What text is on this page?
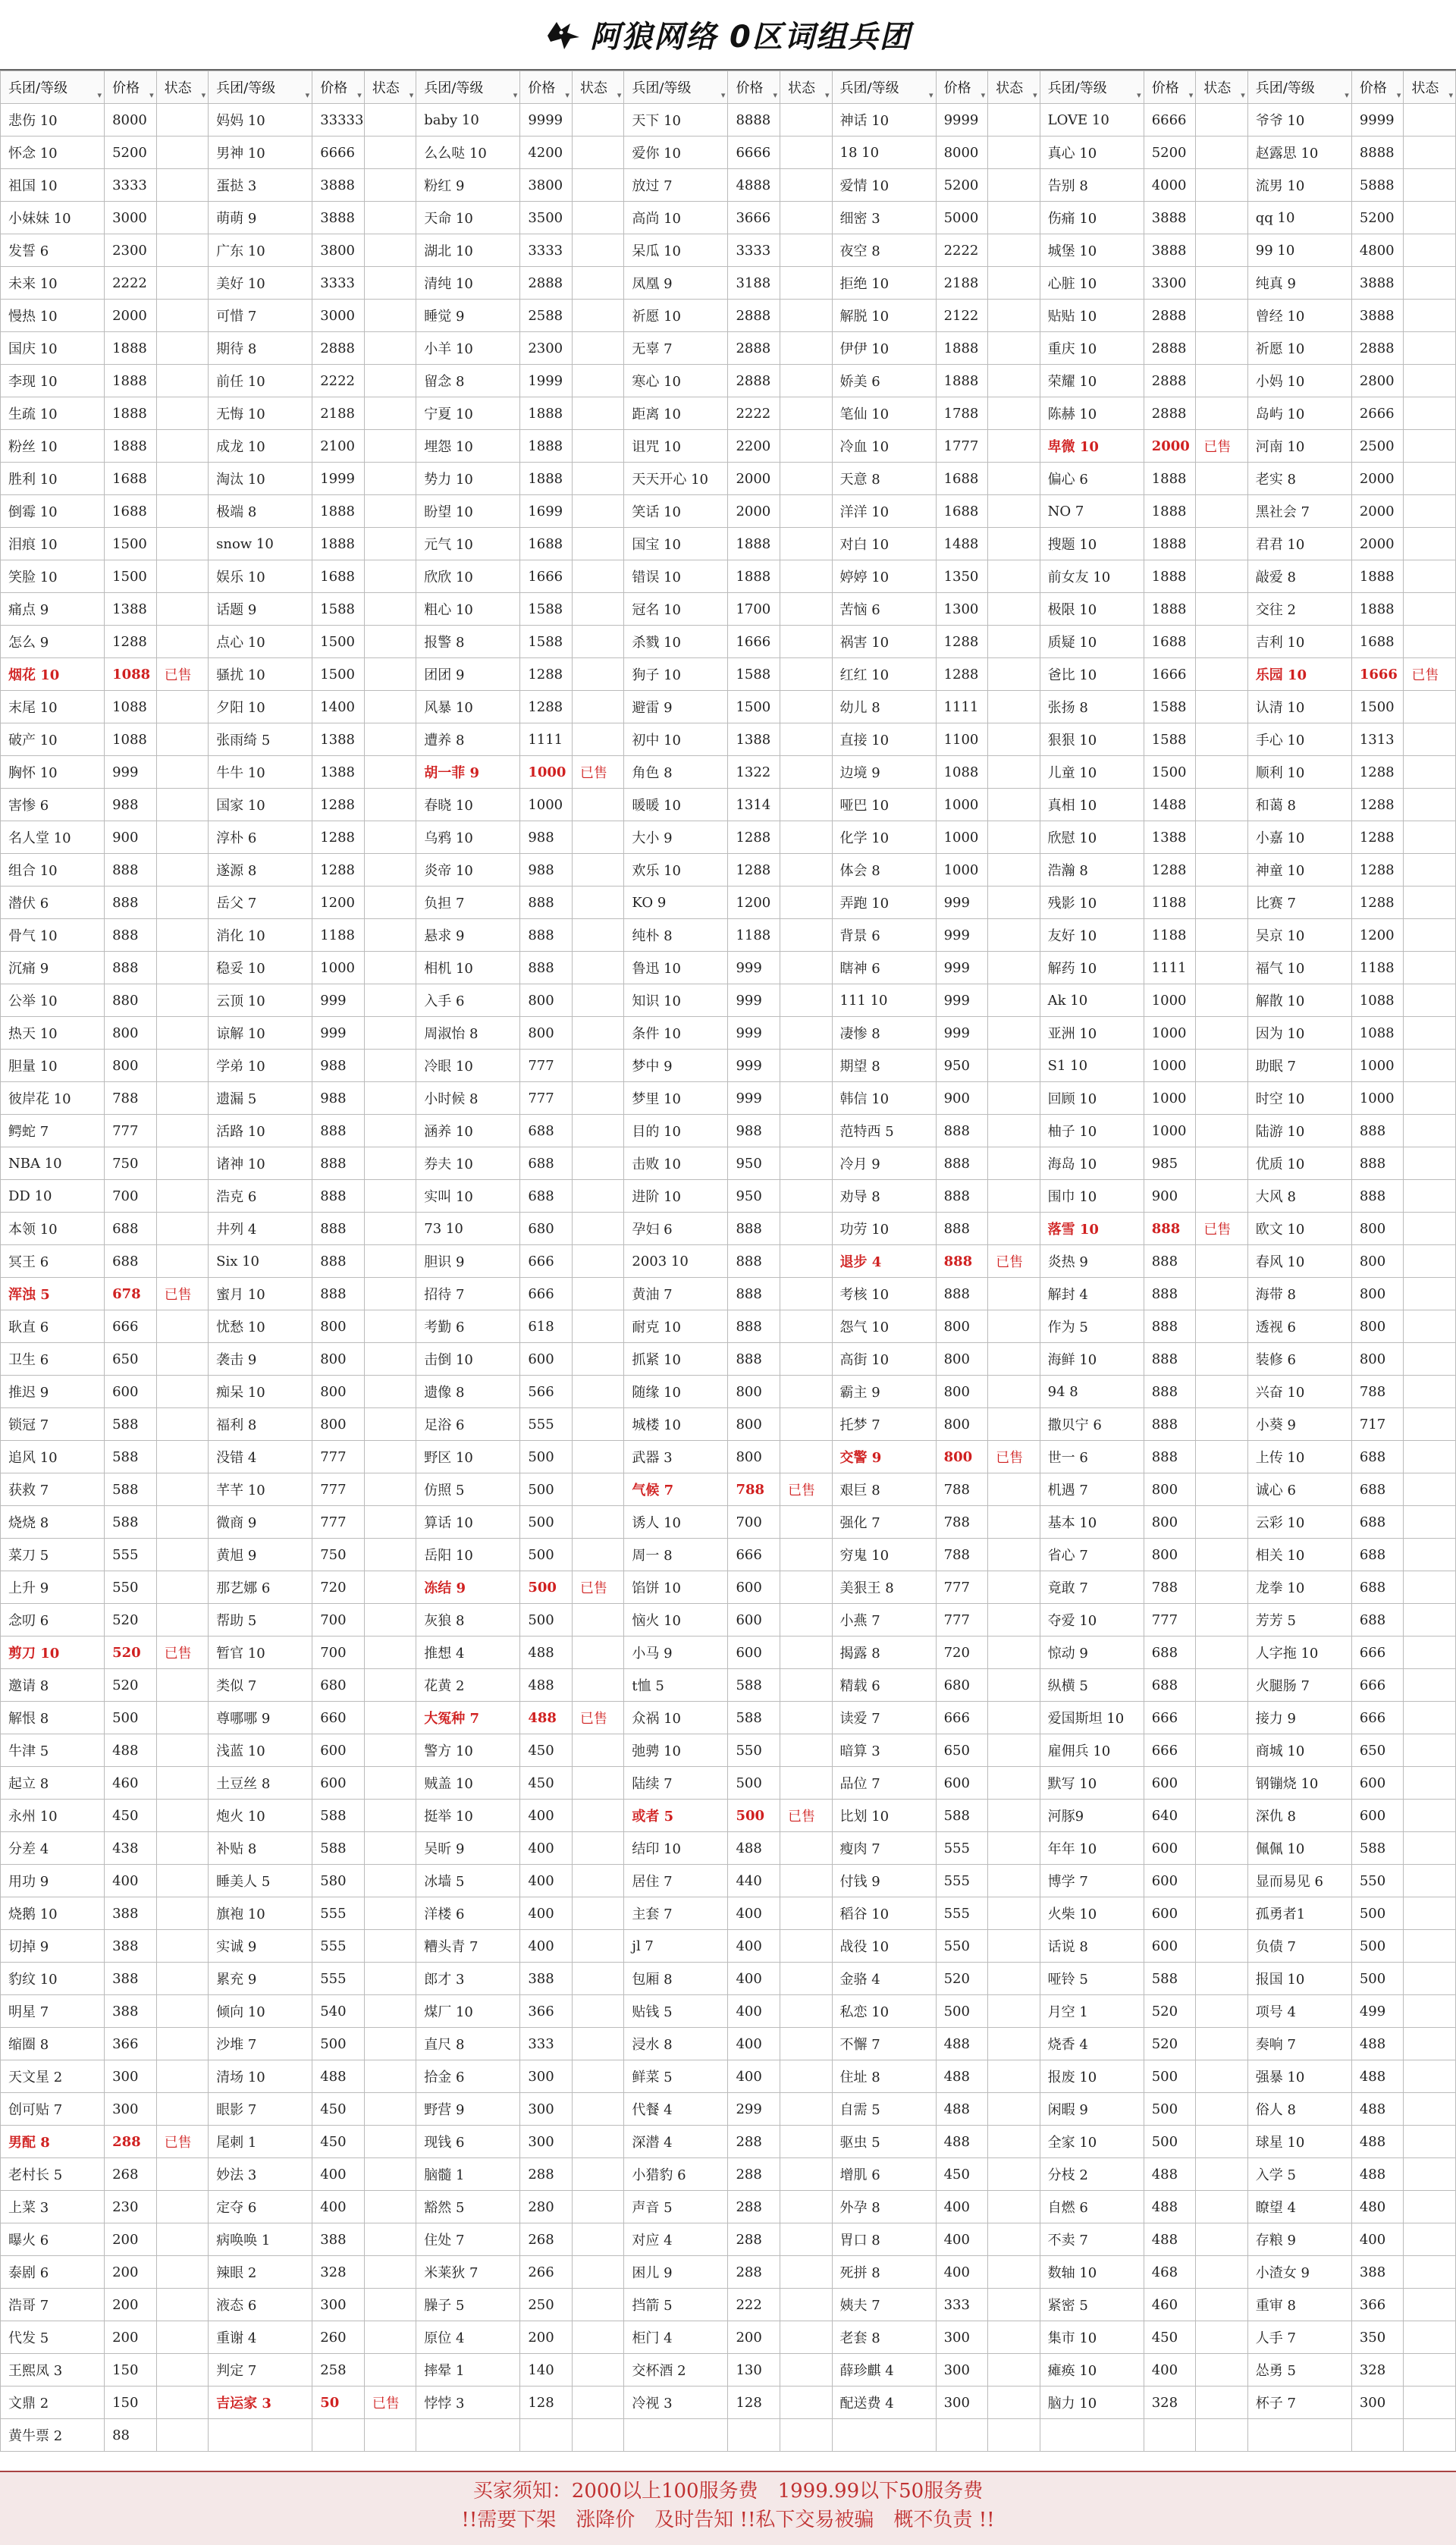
阿狼网络 0区词组兵团
兵团/等级 ▾	价格 ▾	状态 ▾	兵团/等级 ▾	价格 ▾	状态 ▾	兵团/等级 ▾	价格 ▾	状态 ▾	兵团/等级 ▾	价格 ▾	状态 ▾	兵团/等级 ▾	价格 ▾	状态 ▾	兵团/等级 ▾	价格 ▾	状态 ▾	兵团/等级 ▾	价格 ▾	状态 ▾

悲伤 10	8000		妈妈 10	33333		baby 10	9999		天下 10	8888		神话 10	9999		LOVE 10	6666		爷爷 10	9999	
怀念 10	5200		男神 10	6666		么么哒 10	4200		爱你 10	6666		18 10	8000		真心 10	5200		赵露思 10	8888	
祖国 10	3333		蛋挞 3	3888		粉红 9	3800		放过 7	4888		爱情 10	5200		告别 8	4000		流男 10	5888	
小妹妹 10	3000		萌萌 9	3888		天命 10	3500		高尚 10	3666		细密 3	5000		伤痛 10	3888		qq 10	5200	
发誓 6	2300		广东 10	3800		湖北 10	3333		呆瓜 10	3333		夜空 8	2222		城堡 10	3888		99 10	4800	
未来 10	2222		美好 10	3333		清纯 10	2888		凤凰 9	3188		拒绝 10	2188		心脏 10	3300		纯真 9	3888	
慢热 10	2000		可惜 7	3000		睡觉 9	2588		祈愿 10	2888		解脱 10	2122		贴贴 10	2888		曾经 10	3888	
国庆 10	1888		期待 8	2888		小羊 10	2300		无辜 7	2888		伊伊 10	1888		重庆 10	2888		祈愿 10	2888	
李现 10	1888		前任 10	2222		留念 8	1999		寒心 10	2888		娇美 6	1888		荣耀 10	2888		小妈 10	2800	
生疏 10	1888		无悔 10	2188		宁夏 10	1888		距离 10	2222		笔仙 10	1788		陈赫 10	2888		岛屿 10	2666	
粉丝 10	1888		成龙 10	2100		埋怨 10	1888		诅咒 10	2200		冷血 10	1777		卑微 10	2000	已售	河南 10	2500	
胜利 10	1688		淘汰 10	1999		势力 10	1888		天天开心 10	2000		天意 8	1688		偏心 6	1888		老实 8	2000	
倒霉 10	1688		极端 8	1888		盼望 10	1699		笑话 10	2000		洋洋 10	1688		NO 7	1888		黑社会 7	2000	
泪痕 10	1500		snow 10	1888		元气 10	1688		国宝 10	1888		对白 10	1488		搜题 10	1888		君君 10	2000	
笑脸 10	1500		娱乐 10	1688		欣欣 10	1666		错误 10	1888		婷婷 10	1350		前女友 10	1888		敲爱 8	1888	
痛点 9	1388		话题 9	1588		粗心 10	1588		冠名 10	1700		苦恼 6	1300		极限 10	1888		交往 2	1888	
怎么 9	1288		点心 10	1500		报警 8	1588		杀戮 10	1666		祸害 10	1288		质疑 10	1688		吉利 10	1688	
烟花 10	1088	已售	骚扰 10	1500		团团 9	1288		狗子 10	1588		红红 10	1288		爸比 10	1666		乐园 10	1666	已售
末尾 10	1088		夕阳 10	1400		风暴 10	1288		避雷 9	1500		幼儿 8	1111		张扬 8	1588		认清 10	1500	
破产 10	1088		张雨绮 5	1388		遭养 8	1111		初中 10	1388		直接 10	1100		狠狠 10	1588		手心 10	1313	
胸怀 10	999		牛牛 10	1388		胡一菲 9	1000	已售	角色 8	1322		边境 9	1088		儿童 10	1500		顺利 10	1288	
害惨 6	988		国家 10	1288		春晓 10	1000		暖暖 10	1314		哑巴 10	1000		真相 10	1488		和蔼 8	1288	
名人堂 10	900		淳朴 6	1288		乌鸦 10	988		大小 9	1288		化学 10	1000		欣慰 10	1388		小嘉 10	1288	
组合 10	888		遂源 8	1288		炎帝 10	988		欢乐 10	1288		体会 8	1000		浩瀚 8	1288		神童 10	1288	
潜伏 6	888		岳父 7	1200		负担 7	888		KO 9	1200		弄跑 10	999		残影 10	1188		比赛 7	1288	
骨气 10	888		消化 10	1188		悬求 9	888		纯朴 8	1188		背景 6	999		友好 10	1188		吴京 10	1200	
沉痛 9	888		稳妥 10	1000		相机 10	888		鲁迅 10	999		瞎神 6	999		解药 10	1111		福气 10	1188	
公举 10	880		云顶 10	999		入手 6	800		知识 10	999		111 10	999		Ak 10	1000		解散 10	1088	
热天 10	800		谅解 10	999		周淑怡 8	800		条件 10	999		凄惨 8	999		亚洲 10	1000		因为 10	1088	
胆量 10	800		学弟 10	988		冷眼 10	777		梦中 9	999		期望 8	950		S1 10	1000		助眠 7	1000	
彼岸花 10	788		遗漏 5	988		小时候 8	777		梦里 10	999		韩信 10	900		回顾 10	1000		时空 10	1000	
鳄蛇 7	777		活路 10	888		涵养 10	688		目的 10	988		范特西 5	888		柚子 10	1000		陆游 10	888	
NBA 10	750		诸神 10	888		券夫 10	688		击败 10	950		冷月 9	888		海岛 10	985		优质 10	888	
DD 10	700		浩克 6	888		实叫 10	688		进阶 10	950		劝导 8	888		围巾 10	900		大风 8	888	
本领 10	688		井列 4	888		73 10	680		孕妇 6	888		功劳 10	888		落雪 10	888	已售	欧文 10	800	
冥王 6	688		Six 10	888		胆识 9	666		2003 10	888		退步 4	888	已售	炎热 9	888		春风 10	800	
浑浊 5	678	已售	蜜月 10	888		招待 7	666		黄油 7	888		考核 10	888		解封 4	888		海带 8	800	
耿直 6	666		忧愁 10	800		考勤 6	618		耐克 10	888		怨气 10	800		作为 5	888		透视 6	800	
卫生 6	650		袭击 9	800		击倒 10	600		抓紧 10	888		高街 10	800		海鲜 10	888		装修 6	800	
推迟 9	600		痴呆 10	800		遗像 8	566		随缘 10	800		霸主 9	800		94 8	888		兴奋 10	788	
锁冠 7	588		福利 8	800		足浴 6	555		城楼 10	800		托梦 7	800		撒贝宁 6	888		小葵 9	717	
追风 10	588		没错 4	777		野区 10	500		武器 3	800		交警 9	800	已售	世一 6	888		上传 10	688	
获救 7	588		芊芊 10	777		仿照 5	500		气候 7	788	已售	艰巨 8	788		机遇 7	800		诚心 6	688	
烧烧 8	588		微商 9	777		算话 10	500		诱人 10	700		强化 7	788		基本 10	800		云彩 10	688	
菜刀 5	555		黄旭 9	750		岳阳 10	500		周一 8	666		穷鬼 10	788		省心 7	800		相关 10	688	
上升 9	550		那艺娜 6	720		冻结 9	500	已售	馅饼 10	600		美狠王 8	777		竟敢 7	788		龙拳 10	688	
念叨 6	520		帮助 5	700		灰狼 8	500		恼火 10	600		小燕 7	777		夺爱 10	777		芳芳 5	688	
剪刀 10	520	已售	暂官 10	700		推想 4	488		小马 9	600		揭露 8	720		惊动 9	688		人字拖 10	666	
邀请 8	520		类似 7	680		花黄 2	488		t恤 5	588		精载 6	680		纵横 5	688		火腿肠 7	666	
解恨 8	500		尊哪哪 9	660		大冤种 7	488	已售	众祸 10	588		读爱 7	666		爱国斯坦 10	666		接力 9	666	
牛津 5	488		浅蓝 10	600		警方 10	450		弛骋 10	550		暗算 3	650		雇佣兵 10	666		商城 10	650	
起立 8	460		土豆丝 8	600		贼盖 10	450		陆续 7	500		品位 7	600		默写 10	600		钢镚烧 10	600	
永州 10	450		炮火 10	588		挺举 10	400		或者 5	500	已售	比划 10	588		河豚9	640		深仇 8	600	
分差 4	438		补贴 8	588		吴昕 9	400		结印 10	488		瘦肉 7	555		年年 10	600		佩佩 10	588	
用功 9	400		睡美人 5	580		冰墙 5	400		居住 7	440		付钱 9	555		博学 7	600		显而易见 6	550	
烧鹅 10	388		旗袍 10	555		洋楼 6	400		主套 7	400		稻谷 10	555		火柴 10	600		孤勇者1	500	
切掉 9	388		实诚 9	555		糟头青 7	400		jl 7	400		战役 10	550		话说 8	600		负债 7	500	
豹纹 10	388		累充 9	555		郎才 3	388		包厢 8	400		金骆 4	520		哑铃 5	588		报国 10	500	
明星 7	388		倾向 10	540		煤厂 10	366		贴钱 5	400		私恋 10	500		月空 1	520		项号 4	499	
缩圈 8	366		沙堆 7	500		直尺 8	333		浸水 8	400		不懈 7	488		烧香 4	520		奏响 7	488	
天文星 2	300		清场 10	488		拾金 6	300		鲜菜 5	400		住址 8	488		报废 10	500		强暴 10	488	
创可贴 7	300		眼影 7	450		野营 9	300		代餐 4	299		自需 5	488		闲暇 9	500		俗人 8	488	
男配 8	288	已售	尾刺 1	450		现钱 6	300		深潜 4	288		驱虫 5	488		全家 10	500		球星 10	488	
老村长 5	268		妙法 3	400		脑髓 1	288		小猎豹 6	288		增肌 6	450		分枝 2	488		入学 5	488	
上菜 3	230		定夺 6	400		豁然 5	280		声音 5	288		外孕 8	400		自燃 6	488		瞭望 4	480	
曝火 6	200		病唤唤 1	388		住处 7	268		对应 4	288		胃口 8	400		不卖 7	488		存粮 9	400	
泰剧 6	200		辣眼 2	328		米莱狄 7	266		困儿 9	288		死拼 8	400		数轴 10	468		小渣女 9	388	
浩哥 7	200		液态 6	300		臊子 5	250		挡箭 5	222		姨夫 7	333		紧密 5	460		重审 8	366	
代发 5	200		重谢 4	260		原位 4	200		柜门 4	200		老套 8	300		集市 10	450		人手 7	350	
王熙凤 3	150		判定 7	258		摔晕 1	140		交杯酒 2	130		薛珍麒 4	300		瘫痪 10	400		怂勇 5	328	
文鼎 2	150		吉运家 3	50	已售	悖悖 3	128		冷视 3	128		配送费 4	300		脑力 10	328		杯子 7	300	
黄牛票 2	88																			
买家须知：2000以上100服务费　1999.99以下50服务费
!!需要下架　涨降价　及时告知 !!私下交易被骗　概不负责 !!
